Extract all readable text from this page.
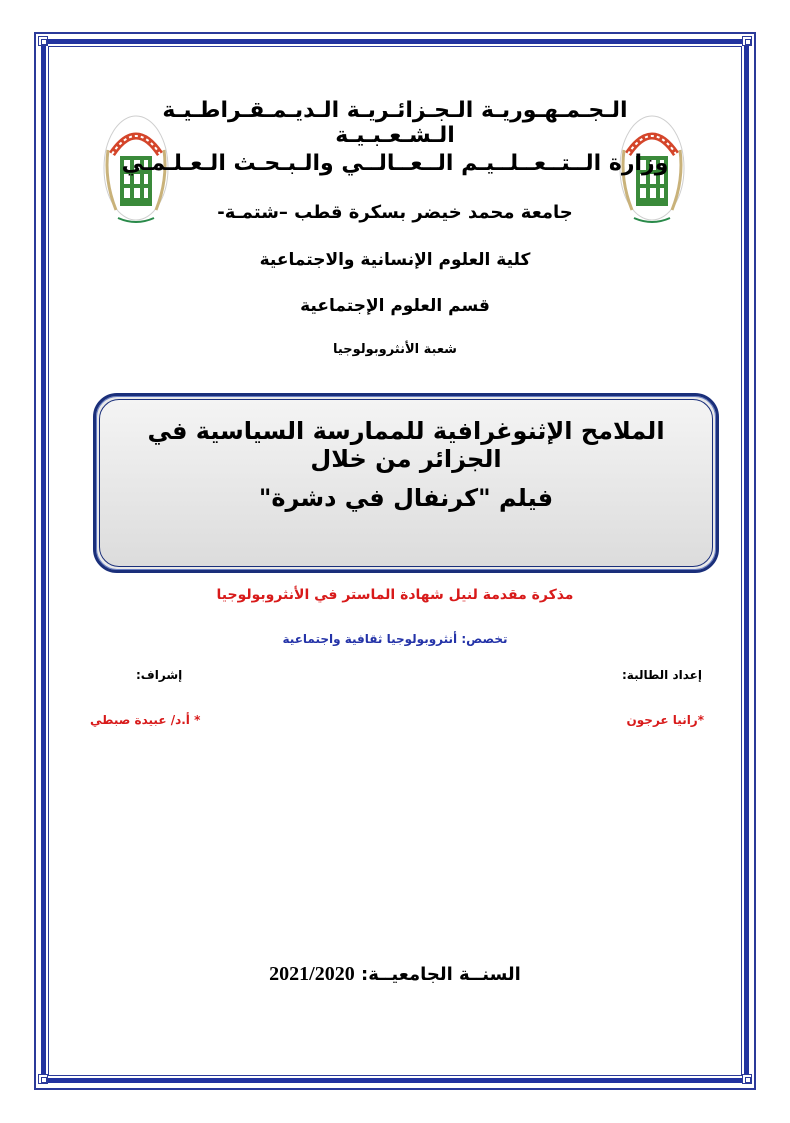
الـجـمـهـوريـة الـجـزائـريـة الـديـمـقـراطـيـة الـشـعـبـيـة
وزارة الــتــعــلــيـم الــعــالــي والـبـحـث الـعـلـمـي
جامعة محمد خيضر بسكرة قطب –شتمـة-
كلية العلوم الإنسانية والاجتماعية
قسم العلوم الإجتماعية
شعبة الأنثروبولوجيا
الملامح الإثنوغرافية للممارسة السياسية في الجزائر من خلال
فيلم "كرنفال في دشرة"
مذكرة مقدمة لنيل شهادة الماستر في الأنثروبولوجيا
تخصص: أنثروبولوجيا ثقافية واجتماعية
إعداد الطالبة:
إشراف:
*رانيا عرجون
* أ.د/ عبيدة صبطي
السنــة الجامعيــة: 2021/2020
